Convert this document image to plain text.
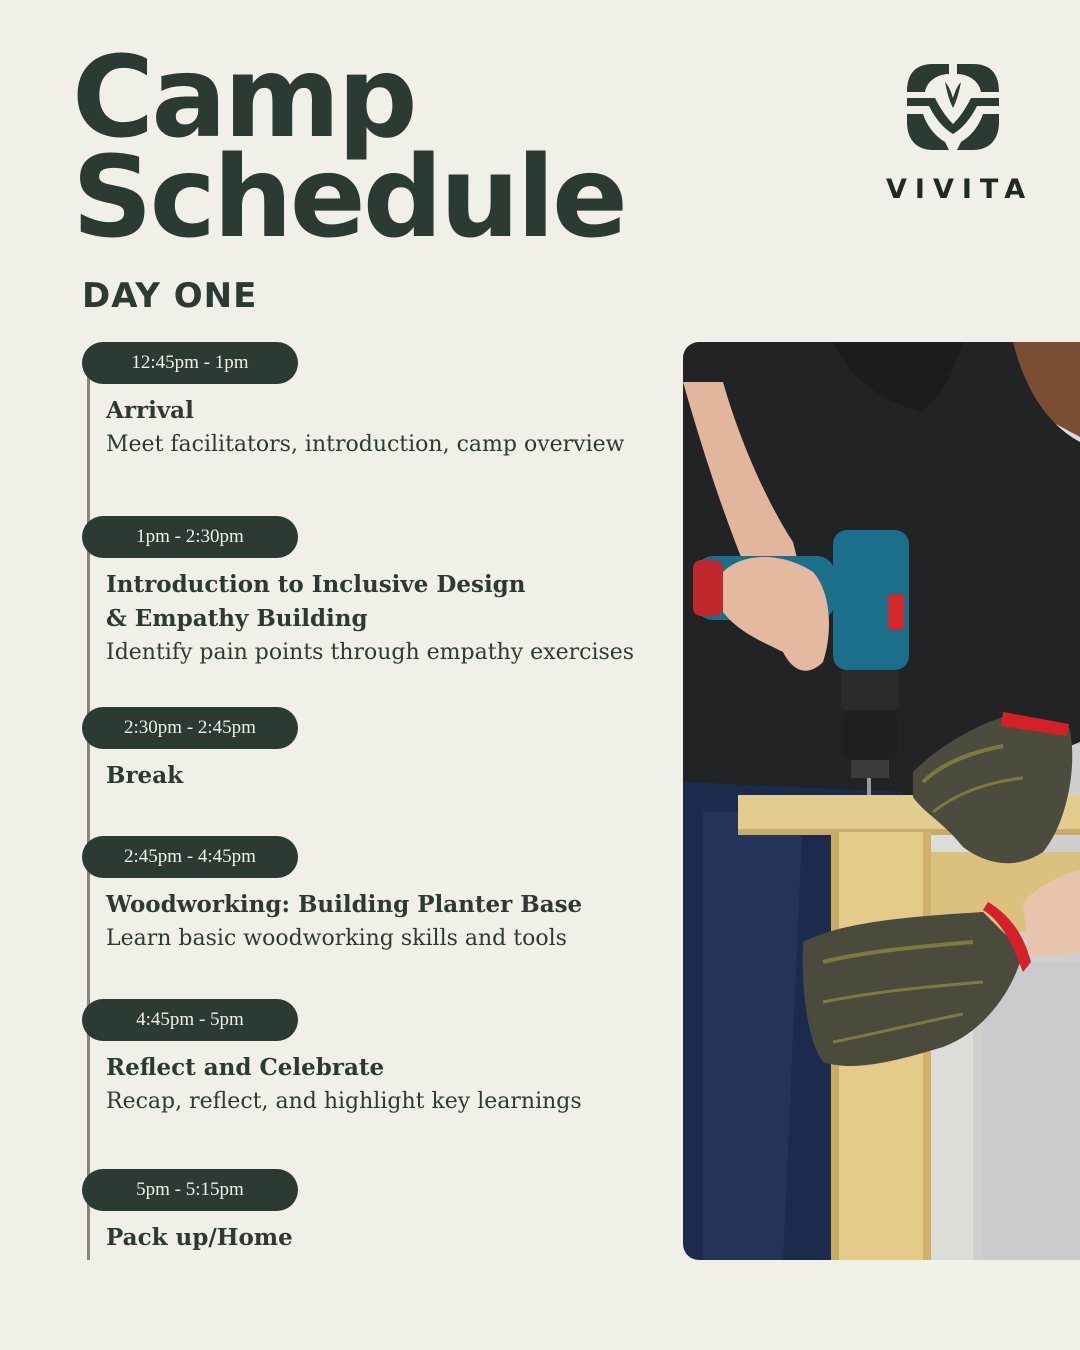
Camp
Schedule
DAY ONE
VIVITA
12:45pm - 1pm
Arrival
Meet facilitators, introduction, camp overview
1pm - 2:30pm
Introduction to Inclusive Design
& Empathy Building
Identify pain points through empathy exercises
2:30pm - 2:45pm
Break
2:45pm - 4:45pm
Woodworking: Building Planter Base
Learn basic woodworking skills and tools
4:45pm - 5pm
Reflect and Celebrate
Recap, reflect, and highlight key learnings
5pm - 5:15pm
Pack up/Home
